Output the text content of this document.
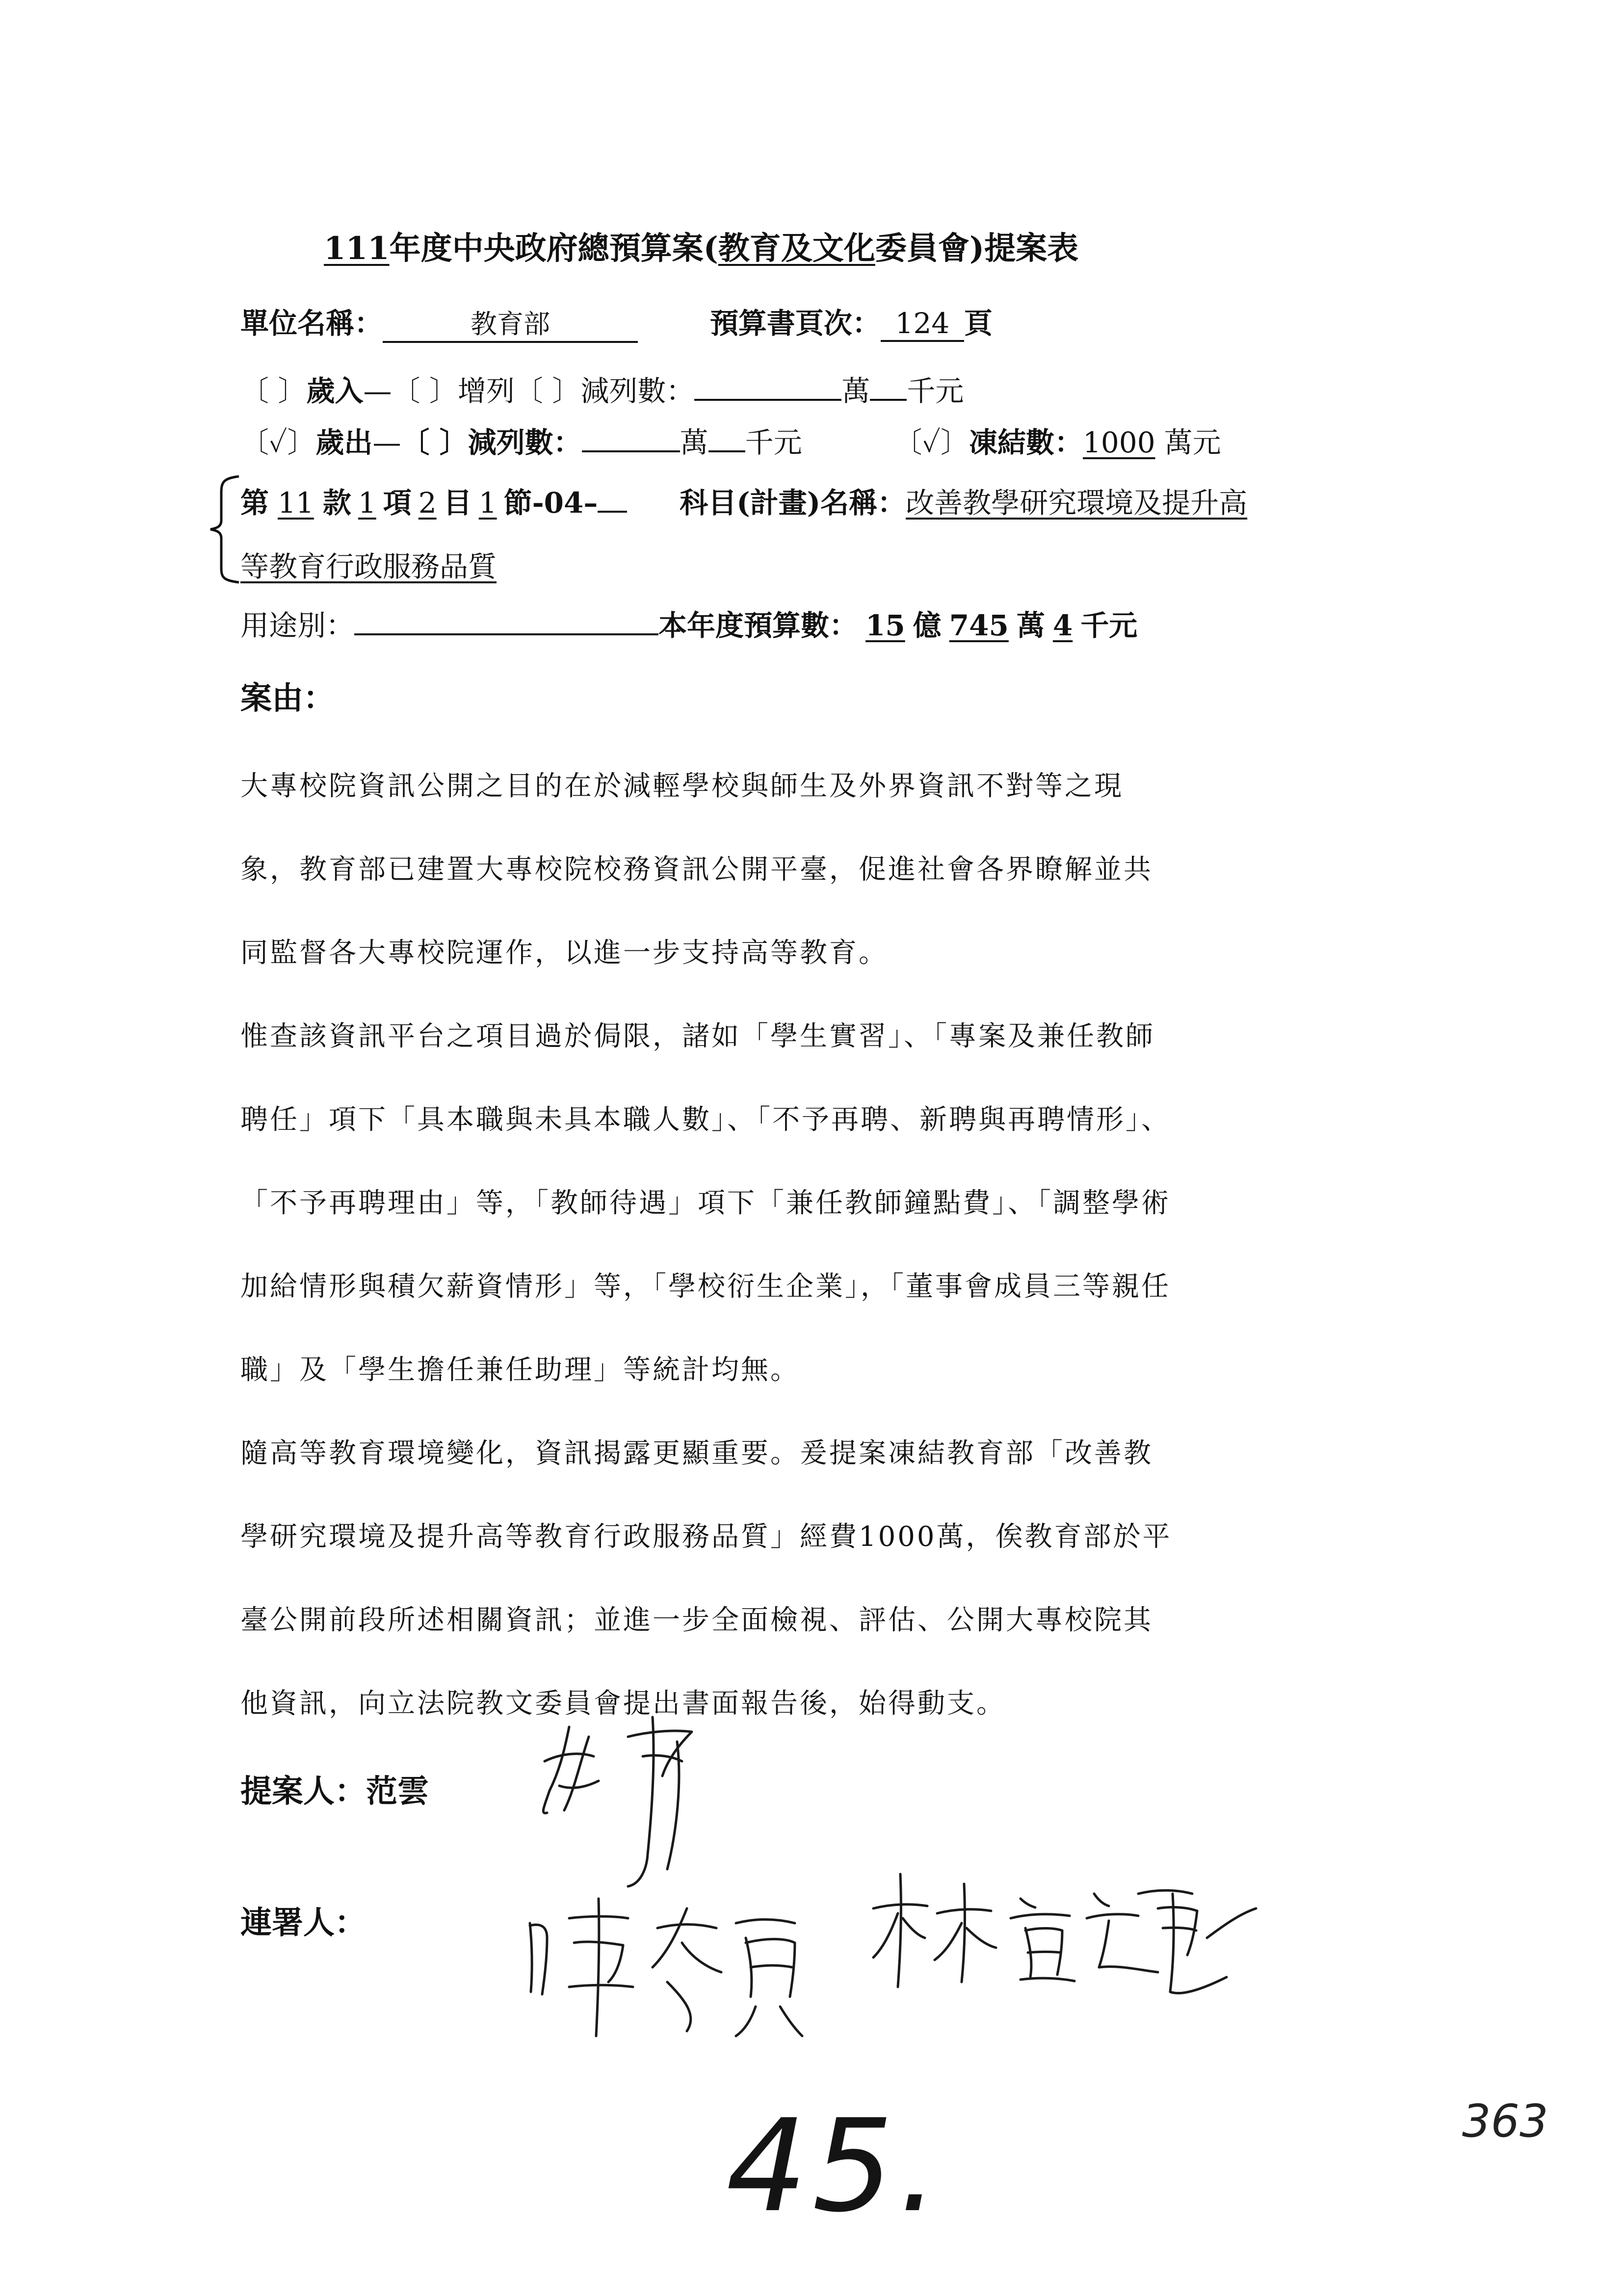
111年度中央政府總預算案(教育及文化委員會)提案表
單位名稱：	教育部	預算書頁次： 124 頁
〔 〕歲入—〔 〕增列〔 〕減列數：	萬 千元
〔✓〕歲出—〔 〕減列數：	萬 千元	〔✓〕凍結數：1000 萬元
第 11 款 1 項 2 目 1 節-04–	科目(計畫)名稱：改善教學研究環境及提升高
等教育行政服務品質
用途別：	本年度預算數： 15 億 745 萬 4 千元
案由：
大專校院資訊公開之目的在於減輕學校與師生及外界資訊不對等之現
象，教育部已建置大專校院校務資訊公開平臺，促進社會各界瞭解並共
同監督各大專校院運作，以進一步支持高等教育。
惟查該資訊平台之項目過於侷限，諸如「學生實習」、「專案及兼任教師
聘任」項下「具本職與未具本職人數」、「不予再聘、新聘與再聘情形」、
「不予再聘理由」等，「教師待遇」項下「兼任教師鐘點費」、「調整學術
加給情形與積欠薪資情形」等，「學校衍生企業」，「董事會成員三等親任
職」及「學生擔任兼任助理」等統計均無。
隨高等教育環境變化，資訊揭露更顯重要。爰提案凍結教育部「改善教
學研究環境及提升高等教育行政服務品質」經費1000萬，俟教育部於平
臺公開前段所述相關資訊；並進一步全面檢視、評估、公開大專校院其
他資訊，向立法院教文委員會提出書面報告後，始得動支。
提案人：范雲
連署人：
45.	363
